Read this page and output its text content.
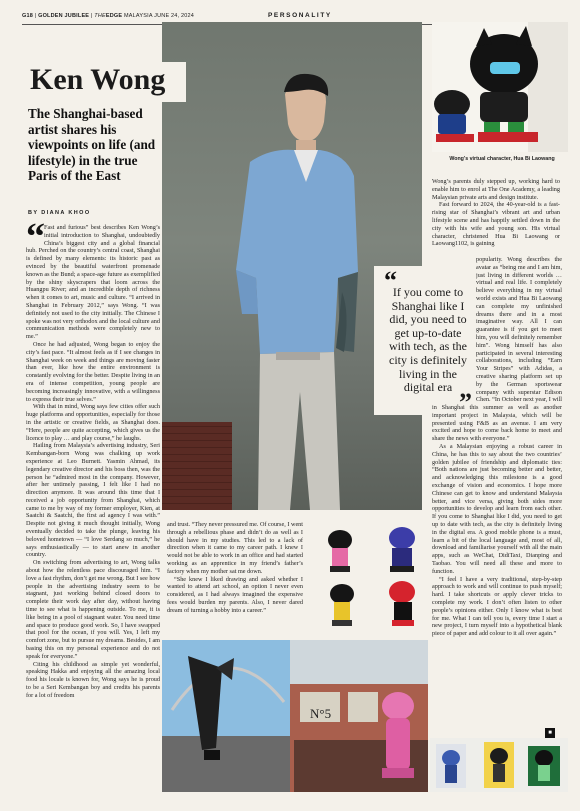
G18 | GOLDEN JUBILEE | THEEDGE MALAYSIA JUNE 24, 2024	PERSONALITY
Wong’s virtual character, Hua Bi Laowang
Ken Wong
The Shanghai-based artist shares his viewpoints on life (and lifestyle) in the true Paris of the East
BY DIANA KHOO
“ Fast and furious” best describes Ken Wong’s initial introduction to Shanghai, undoubtedly China’s biggest city and a global financial hub. Perched on the country’s central coast, Shanghai is defined by many elements: its historic past as evinced by the beautiful waterfront promenade known as the Bund; a space-age future as exemplified by the shiny skyscrapers that loom across the Huangpu River; and an incredible depth of richness when it comes to art, music and culture. “I arrived in Shanghai in February 2012,” says Wong. “I was definitely not used to the city initially. The Chinese I spoke was not very orthodox and the local culture and communication methods were completely new to me.”

Once he had adjusted, Wong began to enjoy the city’s fast pace. “It almost feels as if I see changes in Shanghai week on week and things are moving faster than ever, like how the entire environment is constantly evolving for the better. Despite living in an era of intense competition, young people are becoming increasingly innovative, with a willingness to express their true selves.”

With that in mind, Wong says few cities offer such huge platforms and opportunities, especially for those in the artistic or creative fields, as Shanghai does. “Here, people are quite accepting, which gives us the licence to play … and play course,” he laughs.

Hailing from Malaysia’s advertising industry, Seri Kembangan-born Wong was chalking up work experience at Leo Burnett. Yasmin Ahmad, its legendary creative director and his boss then, was the person he “admired most in the company. However, after her untimely passing, I felt like I had no direction anymore. It was around this time that I received a job opportunity from Shanghai, which came to me by way of my former employer, Kien, at Saatchi & Saatchi, the first ad agency I was with.” Despite not giving it much thought initially, Wong eventually decided to take the plunge, leaving his beloved hometown — “I love Serdang so much,” he says enthusiastically — to start anew in another country.

On switching from advertising to art, Wong talks about how the relentless pace discouraged him. “I love a fast rhythm, don’t get me wrong. But I see how people in the advertising industry seem to be stagnant, just working behind closed doors to complete their work day after day, without having time to see what is happening outside. To me, it is like being in a pool of stagnant water. You need time and space to produce good work. So, I have swapped that pool for the ocean, if you will. Yes, I left my comfort zone, but to pursue my dreams. Besides, I am basing this on my personal experience and do not speak for everyone.”

Citing his childhood as simple yet wonderful, speaking Hakka and enjoying all the amazing local food his locale is known for, Wong says he is proud to be a Seri Kembangan boy and credits his parents for a lot of freedom

and trust. “They never pressured me. Of course, I went through a rebellious phase and didn’t do as well as I should have in my studies. This led to a lack of direction when it came to my career path. I knew I would not be able to work in an office and had started working as an apprentice in my friend’s father’s factory when my mother sat me down.

“She knew I liked drawing and asked whether I wanted to attend art school, an option I never even considered, as I had always imagined the expensive fees would burden my parents. Also, I never dared dream of turning a hobby into a career.”

N°5
“
If you come to Shanghai like I did, you need to get up-to-date with tech, as the city is definitely living in the digital era
”

Wong’s parents duly stepped up, working hard to enable him to enrol at The One Academy, a leading Malaysian private arts and design institute.

Fast forward to 2024, the 40-year-old is a fast-rising star of Shanghai’s vibrant art and urban lifestyle scene and has happily settled down in the city with his wife and young son. His virtual character, christened Hua Bi Laowang or Laowang1102, is gaining

popularity. Wong describes the avatar as “being me and I am him, just living in different worlds … virtual and real life. I completely believe everything in my virtual world exists and Hua Bi Laowang can complete my unfinished dreams there and in a most imaginative way. All I can guarantee is if you get to meet him, you will definitely remember him”. Wong himself has also participated in several interesting collaborations, including “Earn Your Stripes” with Adidas, a creative sharing platform set up by the German sportswear company with superstar Edison Chen. “In October next year, I will

in Shanghai this summer as well as another important project in Malaysia, which will be presented using F&B as an avenue. I am very excited and hope to come back home to meet and share the news with everyone.”

As a Malaysian enjoying a robust career in China, he has this to say about the two countries’ golden jubilee of friendship and diplomatic ties: “Both nations are just becoming better and better, and acknowledging this milestone is a good exchange of vision and economics. I hope more Chinese can get to know and understand Malaysia better, and vice versa, giving both sides more opportunities to develop and learn from each other. If you come to Shanghai like I did, you need to get up to date with tech, as the city is definitely living in the digital era. A good mobile phone is a must, learn a bit of the local language and, most of all, download and familiarise yourself with all the main apps, such as WeChat, DidiTaxi, Dianping and Taobao. You will need all these and more to function.

“I feel I have a very traditional, step-by-step approach to work and will continue to push myself; hard. I take shortcuts or apply clever tricks to complete my work. I don’t often listen to other people’s opinions either. Only I know what is best for me. What I can tell you is, every time I start a new project, I turn myself into a hypothetical blank piece of paper and add colour to it all over again.”

■
